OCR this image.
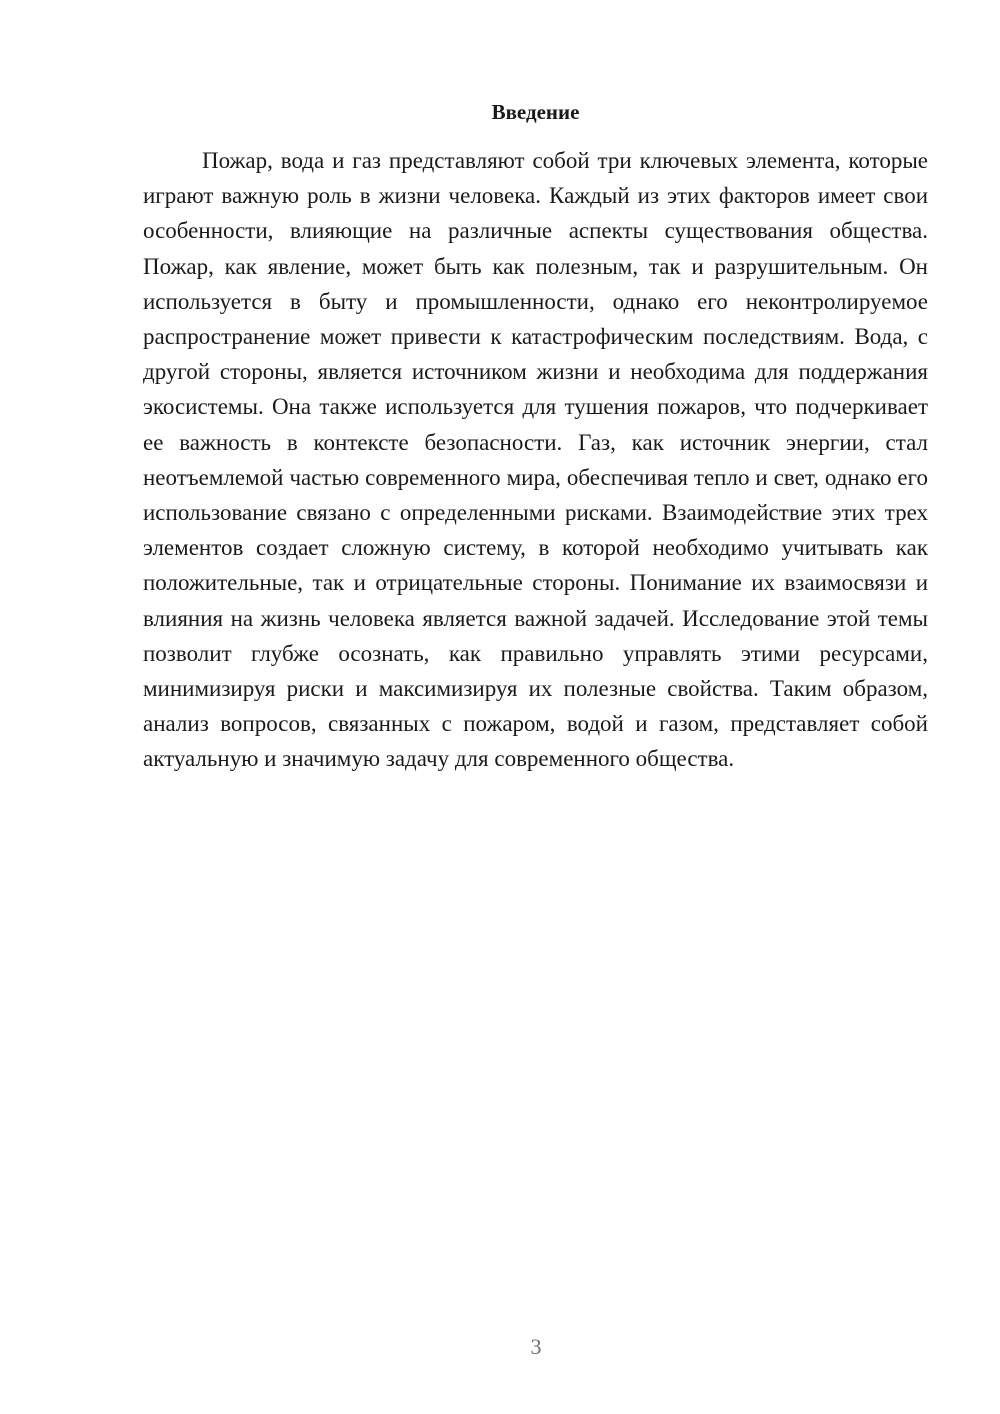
Введение

Пожар, вода и газ представляют собой три ключевых элемента, которые играют важную роль в жизни человека. Каждый из этих факторов имеет свои особенности, влияющие на различные аспекты существования общества. Пожар, как явление, может быть как полезным, так и разрушительным. Он используется в быту и промышленности, однако его неконтролируемое распространение может привести к катастрофическим последствиям. Вода, с другой стороны, является источником жизни и необходима для поддержания экосистемы. Она также используется для тушения пожаров, что подчеркивает ее важность в контексте безопасности. Газ, как источник энергии, стал неотъемлемой частью современного мира, обеспечивая тепло и свет, однако его использование связано с определенными рисками. Взаимодействие этих трех элементов создает сложную систему, в которой необходимо учитывать как положительные, так и отрицательные стороны. Понимание их взаимосвязи и влияния на жизнь человека является важной задачей. Исследование этой темы позволит глубже осознать, как правильно управлять этими ресурсами, минимизируя риски и максимизируя их полезные свойства. Таким образом, анализ вопросов, связанных с пожаром, водой и газом, представляет собой актуальную и значимую задачу для современного общества.

3
